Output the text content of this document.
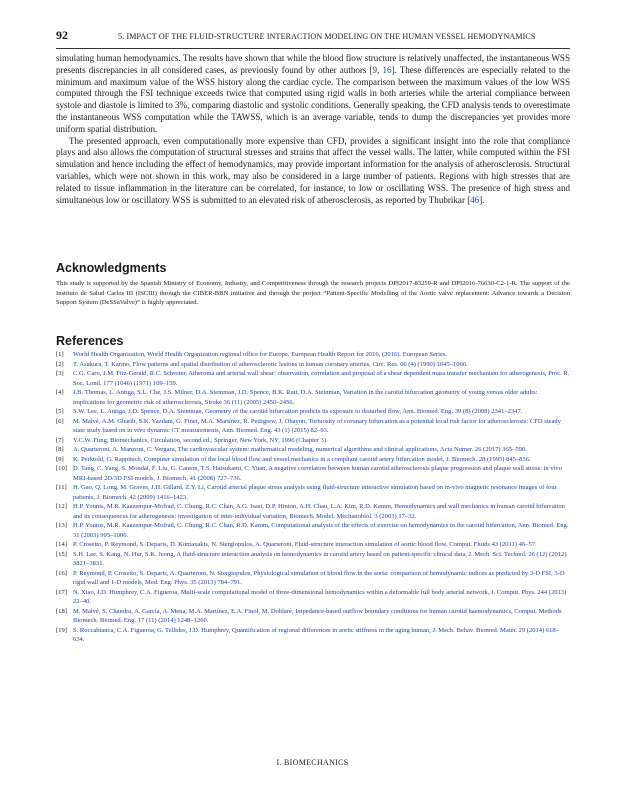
92	5. IMPACT OF THE FLUID-STRUCTURE INTERACTION MODELING ON THE HUMAN VESSEL HEMODYNAMICS

simulating human hemodynamics. The results have shown that while the blood flow structure is relatively unaffected, the instantaneous WSS presents discrepancies in all considered cases, as previously found by other authors [9, 16]. These differences are especially related to the minimum and maximum value of the WSS history along the cardiac cycle. The comparison between the maximum values of the low WSS computed through the FSI technique exceeds twice that computed using rigid walls in both arteries while the arterial compliance between systole and diastole is limited to 3%, comparing diastolic and systolic conditions. Generally speaking, the CFD analysis tends to overestimate the instantaneous WSS computation while the TAWSS, which is an average variable, tends to dump the discrepancies yet provides more uniform spatial distribution.

The presented approach, even computationally more expensive than CFD, provides a significant insight into the role that compliance plays and also allows the computation of structural stresses and strains that affect the vessel walls. The latter, while computed within the FSI simulation and hence including the effect of hemodynamics, may provide important information for the analysis of atherosclerosis. Structural variables, which were not shown in this work, may also be considered in a large number of patients. Regions with high stresses that are related to tissue inflammation in the literature can be correlated, for instance, to low or oscillating WSS. The presence of high stress and simultaneous low or oscillatory WSS is submitted to an elevated risk of atherosclerosis, as reported by Thubrikar [46].

Acknowledgments
This study is supported by the Spanish Ministry of Economy, Industry, and Competitiveness through the research projects DPI2017-83259-R and DPI2016-76630-C2-1-R. The support of the Instituto de Salud Carlos III (ISCIII) through the CIBER-BBN initiative and through the project “Patient-Specific Modelling of the Aortic valve replacement: Advance towards a Decision Support System (DeSSaValve)” is highly appreciated.
References
[1] World Health Organization, World Health Organization regional office for Europe. European Health Report for 2016, (2016). European Series.
[2] T. Asakura, T. Karino, Flow patterns and spatial distribution of atherosclerotic lesions in human coronary arteries, Circ. Res. 66 (4) (1990) 1045–1066.
[3] C.G. Caro, J.M. Fitz-Gerald, R.C. Schroter, Atheroma and arterial wall shear: observation, correlation and proposal of a shear dependent mass transfer mechanism for atherogenesis, Proc. R. Soc. Lond. 177 (1046) (1971) 109–159.
[4] J.B. Thomas, L. Antiga, S.L. Che, J.S. Milner, D.A. Steinman, J.D. Spence, B.K. Rutt, D.A. Steinman, Variation in the carotid bifurcation geometry of young versus older adults: implications for geometric risk of atherosclerosis, Stroke 36 (11) (2005) 2450–2456.
[5] S.W. Lee, L. Antiga, J.D. Spence, D.A. Steinman, Geometry of the carotid bifurcation predicts its exposure to disturbed flow, Ann. Biomed. Eng. 39 (8) (2008) 2341–2347.
[6] M. Malvè, A.M. Gharib, S.K. Yazdani, G. Finet, M.A. Martínez, R. Pettigrew, J. Ohayon, Tortuosity of coronary bifurcation as a potential local risk factor for atherosclerosis: CFD steady state study based on in vivo dynamic CT measurements, Ann. Biomed. Eng. 43 (1) (2015) 82–93.
[7] Y.C.W. Fung, Biomechanics, Circulation, second ed., Springer, New York, NY, 1996 (Chapter 3).
[8] A. Quarteroni, A. Manzoni, C. Vergara, The cardiovascular system: mathematical modeling, numerical algorithms and clinical applications, Acta Numer. 26 (2017) 365–590.
[9] K. Perktold, G. Rappitsch, Computer simulation of the local blood flow and vessel mechanics in a compliant carotid artery bifurcation model, J. Biomech. 28 (1995) 845–856.
[10] D. Tang, C. Yang, S. Mondal, F. Liu, G. Canton, T.S. Hatsukami, C. Yuan, A negative correlation between human carotid atherosclerosis plaque progression and plaque wall stress: in vivo MRI-based 2D/3D FSI models, J. Biomech. 41 (2008) 727–736.
[11] H. Gao, Q. Long, M. Graves, J.H. Gillard, Z.Y. Li, Carotid arterial plaque stress analysis using fluid-structure interactive simulation based on in-vivo magnetic resonance images of four patients, J. Biomech. 42 (2009) 1416–1423.
[12] H.P. Younis, M.R. Kaazempur-Mofrad, C. Chung, R.C. Chan, A.G. Isasi, D.P. Hinton, A.H. Chau, L.A. Kim, R.D. Kamm, Hemodynamics and wall mechanics in human carotid bifurcation and its consequences for atherogenesis: investigation of inter-individual variation, Biomech. Model. Mechanobiol. 3 (2003) 17–32.
[13] H.P. Younis, M.R. Kaazempur-Mofrad, C. Chung, R.C. Chan, R.D. Kamm, Computational analysis of the effects of exercise on hemodynamics in the carotid bifurcation, Ann. Biomed. Eng. 31 (2003) 995–1006.
[14] P. Crosetto, P. Reymond, S. Deparis, D. Kontaxakis, N. Stergiopulos, A. Quarteroni, Fluid-structure interaction simulation of aortic blood flow, Comput. Fluids 43 (2011) 46–57.
[15] S.H. Lee, S. Kang, N. Hur, S.K. Jeong, A fluid-structure interaction analysis on hemodynamics in carotid artery based on patient-specific clinical data, J. Mech. Sci. Technol. 26 (12) (2012) 3821–3831.
[16] P. Reymond, P. Crosetto, S. Deparis, A. Quarteroni, N. Stergiopulos, Physiological simulation of blood flow in the aorta: comparison of hemodynamic indices as predicted by 3-D FSI, 3-D rigid wall and 1-D models, Med. Eng. Phys. 35 (2013) 784–791.
[17] N. Xiao, J.D. Humphrey, C.A. Figueroa, Multi-scale computational model of three-dimensional hemodynamics within a deformable full body arterial network, J. Comput. Phys. 244 (2013) 22–40.
[18] M. Malvè, S. Chandra, A. García, A. Mena, M.A. Martínez, E.A. Finol, M. Doblaré, Impedance-based outflow boundary conditions for human carotid haemodynamics, Comput. Methods Biomech. Biomed. Eng. 17 (11) (2014) 1248–1260.
[19] S. Roccabianca, C.A. Figueroa, G. Tellides, J.D. Humphrey, Quantification of regional differences in aortic stiffness in the aging human, J. Mech. Behav. Biomed. Mater. 29 (2014) 618–634.
I. BIOMECHANICS
